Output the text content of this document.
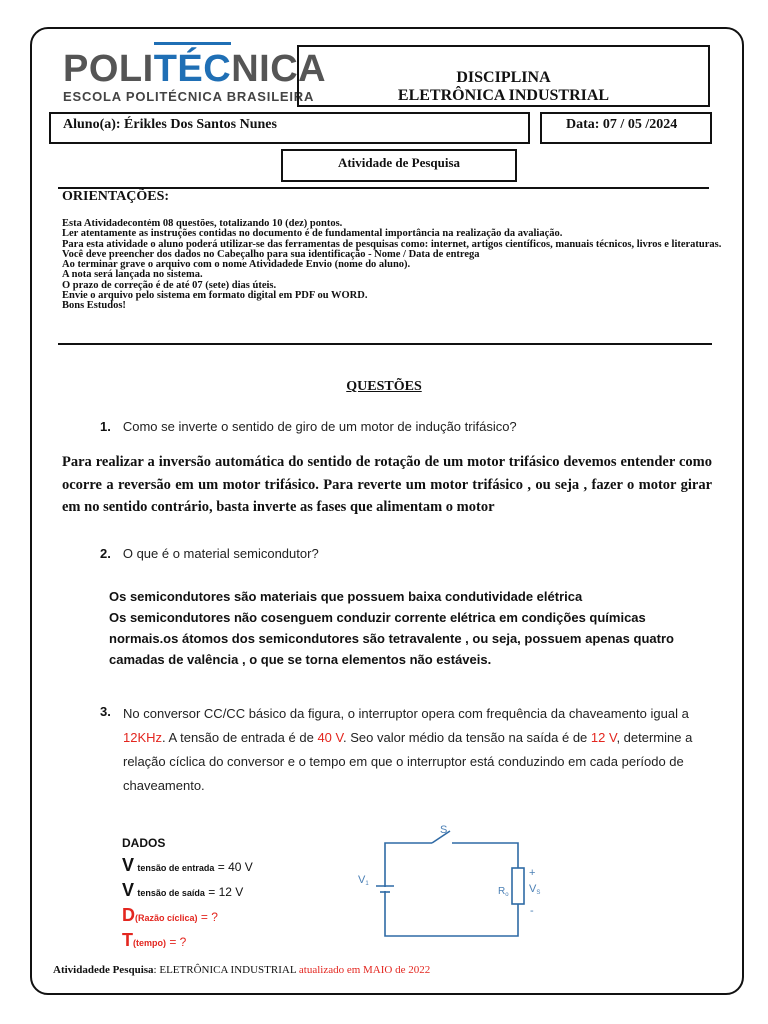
POLITÉCNICA
ESCOLA POLITÉCNICA BRASILEIRA
DISCIPLINA
ELETRÔNICA INDUSTRIAL
Aluno(a): Érikles Dos Santos Nunes	Data: 07 / 05 /2024
Atividade de Pesquisa
ORIENTAÇÕES:
Esta Atividadecontém 08 questões, totalizando 10 (dez) pontos.
Ler atentamente as instruções contidas no documento é de fundamental importância na realização da avaliação.
Para esta atividade o aluno poderá utilizar-se das ferramentas de pesquisas como: internet, artigos científicos, manuais técnicos, livros e literaturas.
Você deve preencher dos dados no Cabeçalho para sua identificação - Nome / Data de entrega
Ao terminar grave o arquivo com o nome Atividadede Envio (nome do aluno).
A nota será lançada no sistema.
O prazo de correção é de até 07 (sete) dias úteis.
Envie o arquivo pelo sistema em formato digital em PDF ou WORD.
Bons Estudos!
QUESTÕES
1. Como se inverte o sentido de giro de um motor de indução trifásico?
Para realizar a inversão automática do sentido de rotação de um motor trifásico devemos entender como ocorre a reversão em um motor trifásico. Para reverte um motor trifásico , ou seja , fazer o motor girar em no sentido contrário, basta inverte as fases que alimentam o motor
2. O que é o material semicondutor?
Os semicondutores são materiais que possuem baixa condutividade elétrica
Os semicondutores não cosenguem conduzir corrente elétrica em condições químicas normais.os átomos dos semicondutores são tetravalente , ou seja, possuem apenas quatro camadas de valência , o que se torna elementos não estáveis.
3. No conversor CC/CC básico da figura, o interruptor opera com frequência da chaveamento igual a 12KHz. A tensão de entrada é de 40 V. Seo valor médio da tensão na saída é de 12 V, determine a relação cíclica do conversor e o tempo em que o interruptor está conduzindo em cada período de chaveamento.
DADOS
V tensão de entrada = 40 V
V tensão de saída = 12 V
D(Razão cíclica) = ?
T(tempo) = ?
S
V1
$R_o$
+
VS
-
Atividadede Pesquisa: ELETRÔNICA INDUSTRIAL atualizado em MAIO de 2022
